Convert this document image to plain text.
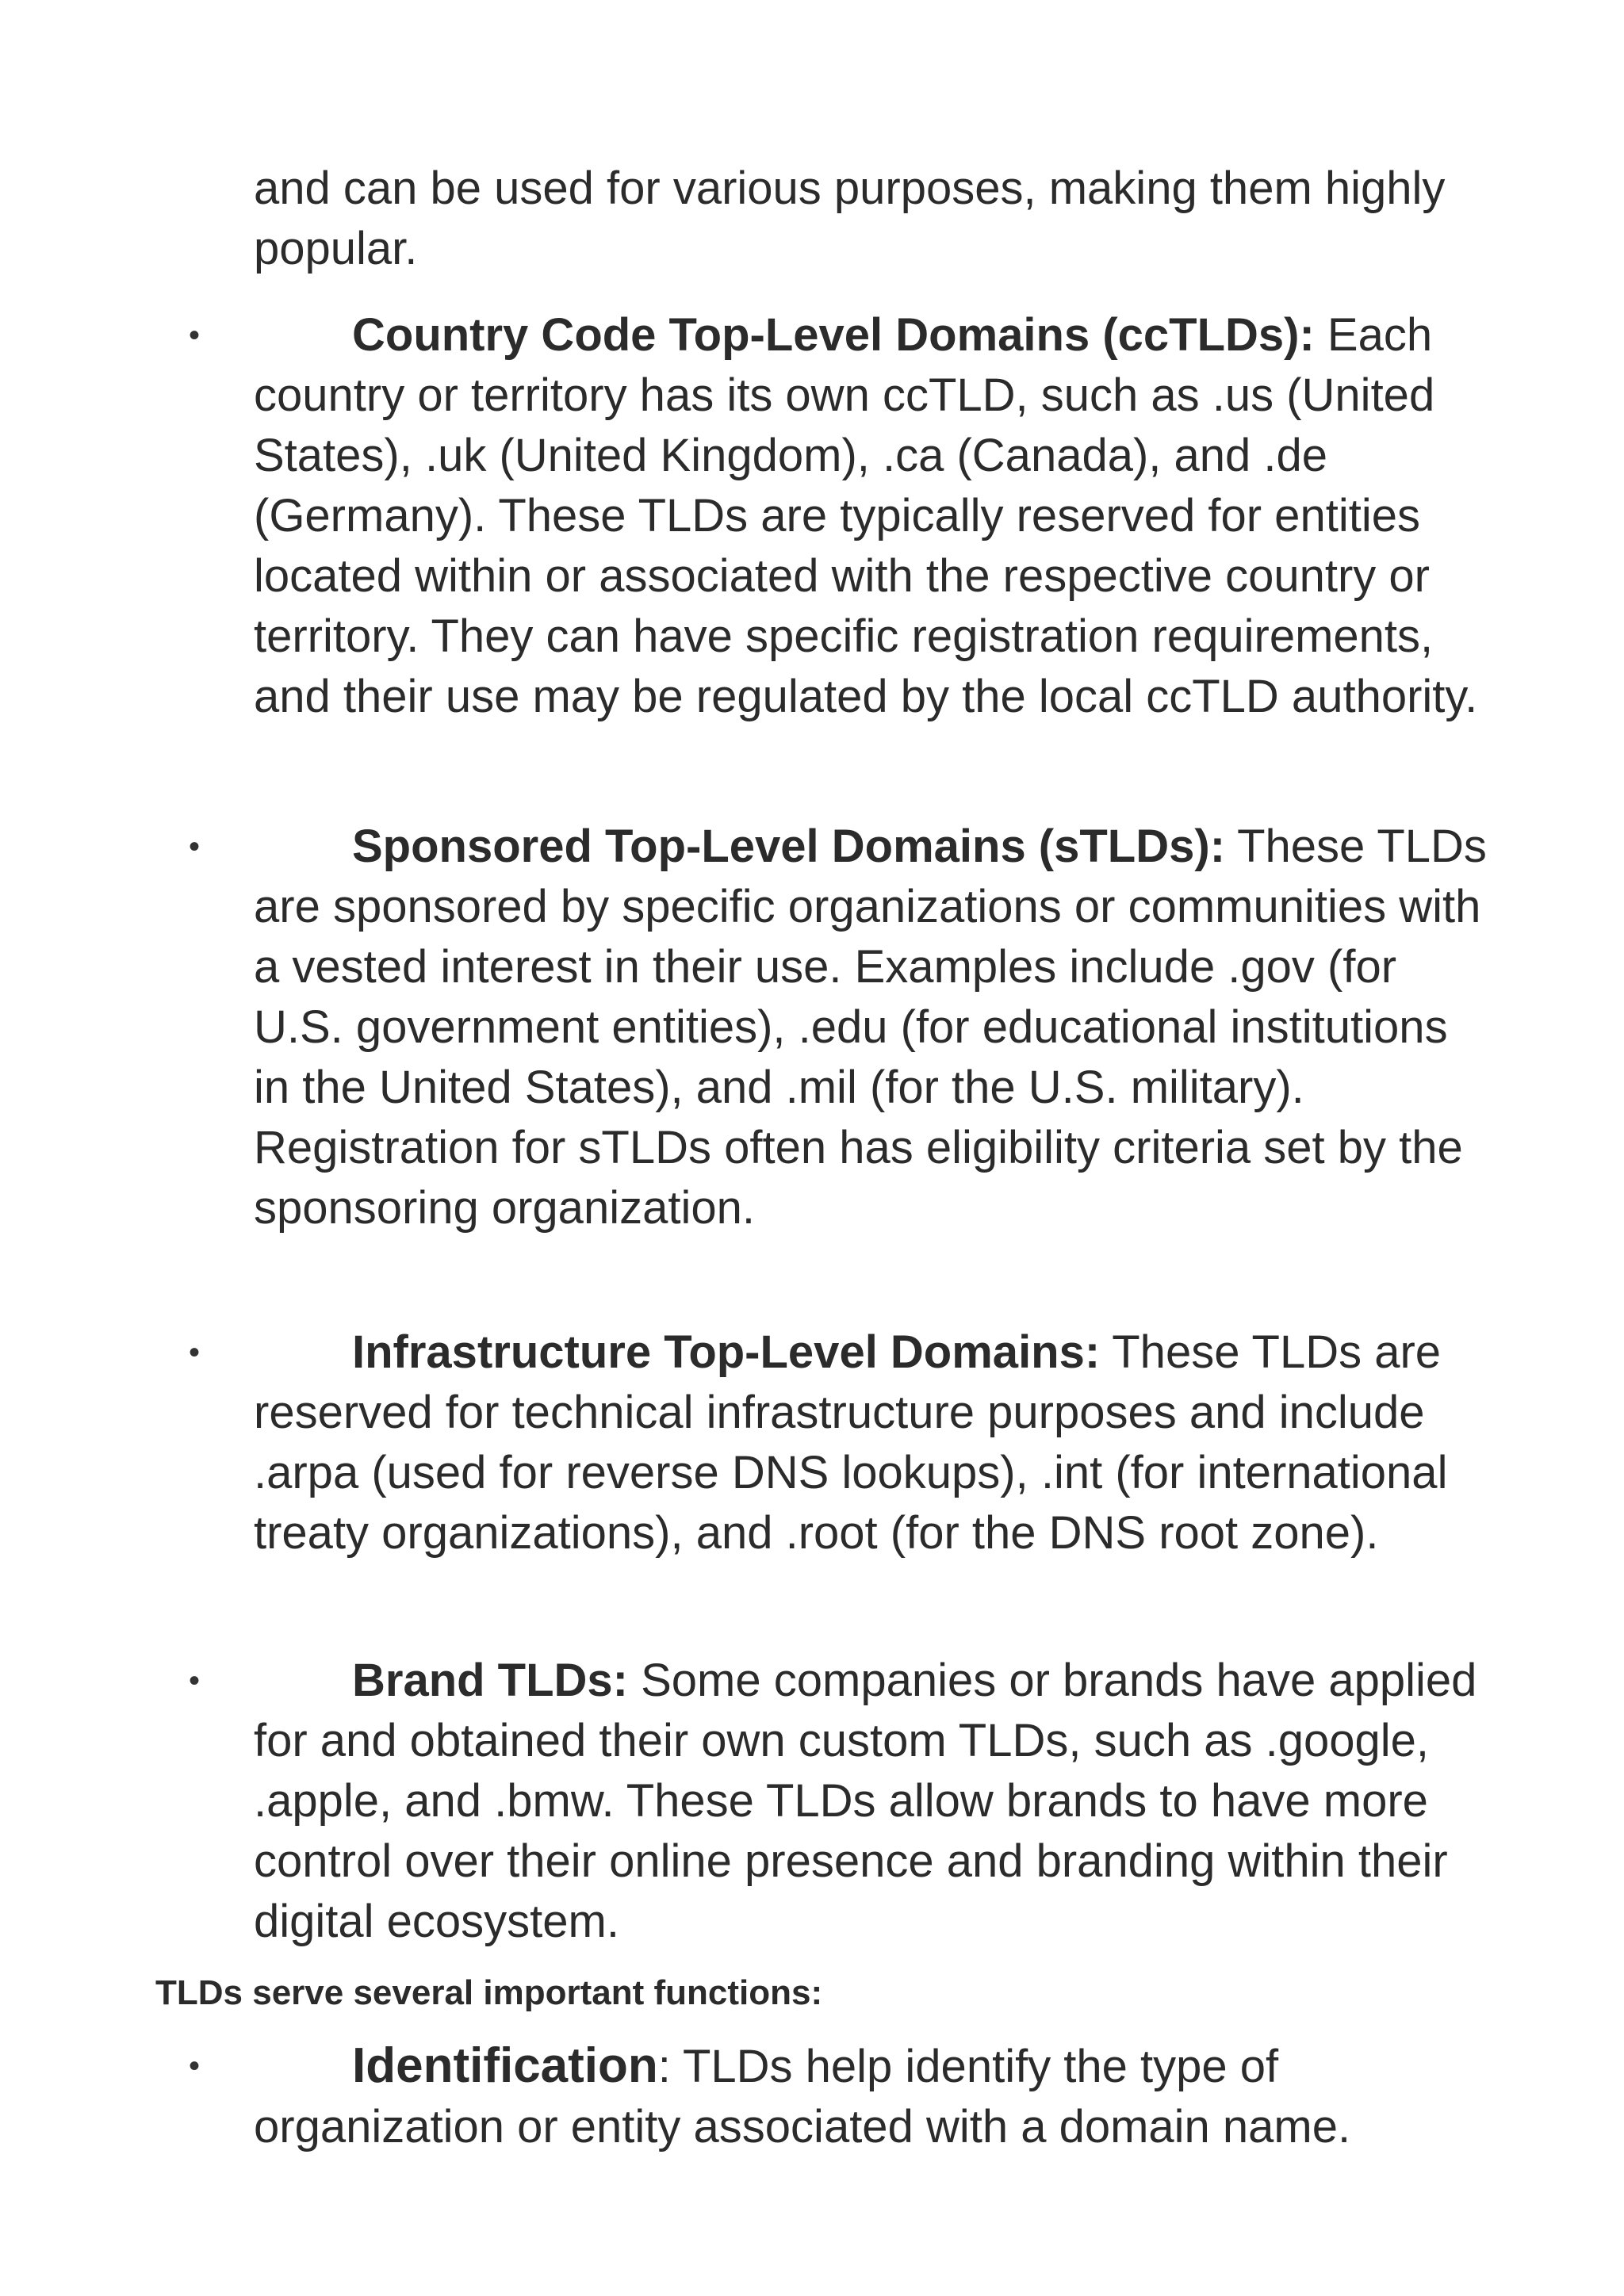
and can be used for various purposes, making them highly popular.

•	Country Code Top-Level Domains (ccTLDs): Each country or territory has its own ccTLD, such as .us (United States), .uk (United Kingdom), .ca (Canada), and .de (Germany). These TLDs are typically reserved for entities located within or associated with the respective country or territory. They can have specific registration requirements, and their use may be regulated by the local ccTLD authority.
•	Sponsored Top-Level Domains (sTLDs): These TLDs are sponsored by specific organizations or communities with a vested interest in their use. Examples include .gov (for U.S. government entities), .edu (for educational institutions in the United States), and .mil (for the U.S. military). Registration for sTLDs often has eligibility criteria set by the sponsoring organization.
•	Infrastructure Top-Level Domains: These TLDs are reserved for technical infrastructure purposes and include .arpa (used for reverse DNS lookups), .int (for international treaty organizations), and .root (for the DNS root zone).
•	Brand TLDs: Some companies or brands have applied for and obtained their own custom TLDs, such as .google, .apple, and .bmw. These TLDs allow brands to have more control over their online presence and branding within their digital ecosystem.

TLDs serve several important functions:

•	Identification: TLDs help identify the type of organization or entity associated with a domain name.
